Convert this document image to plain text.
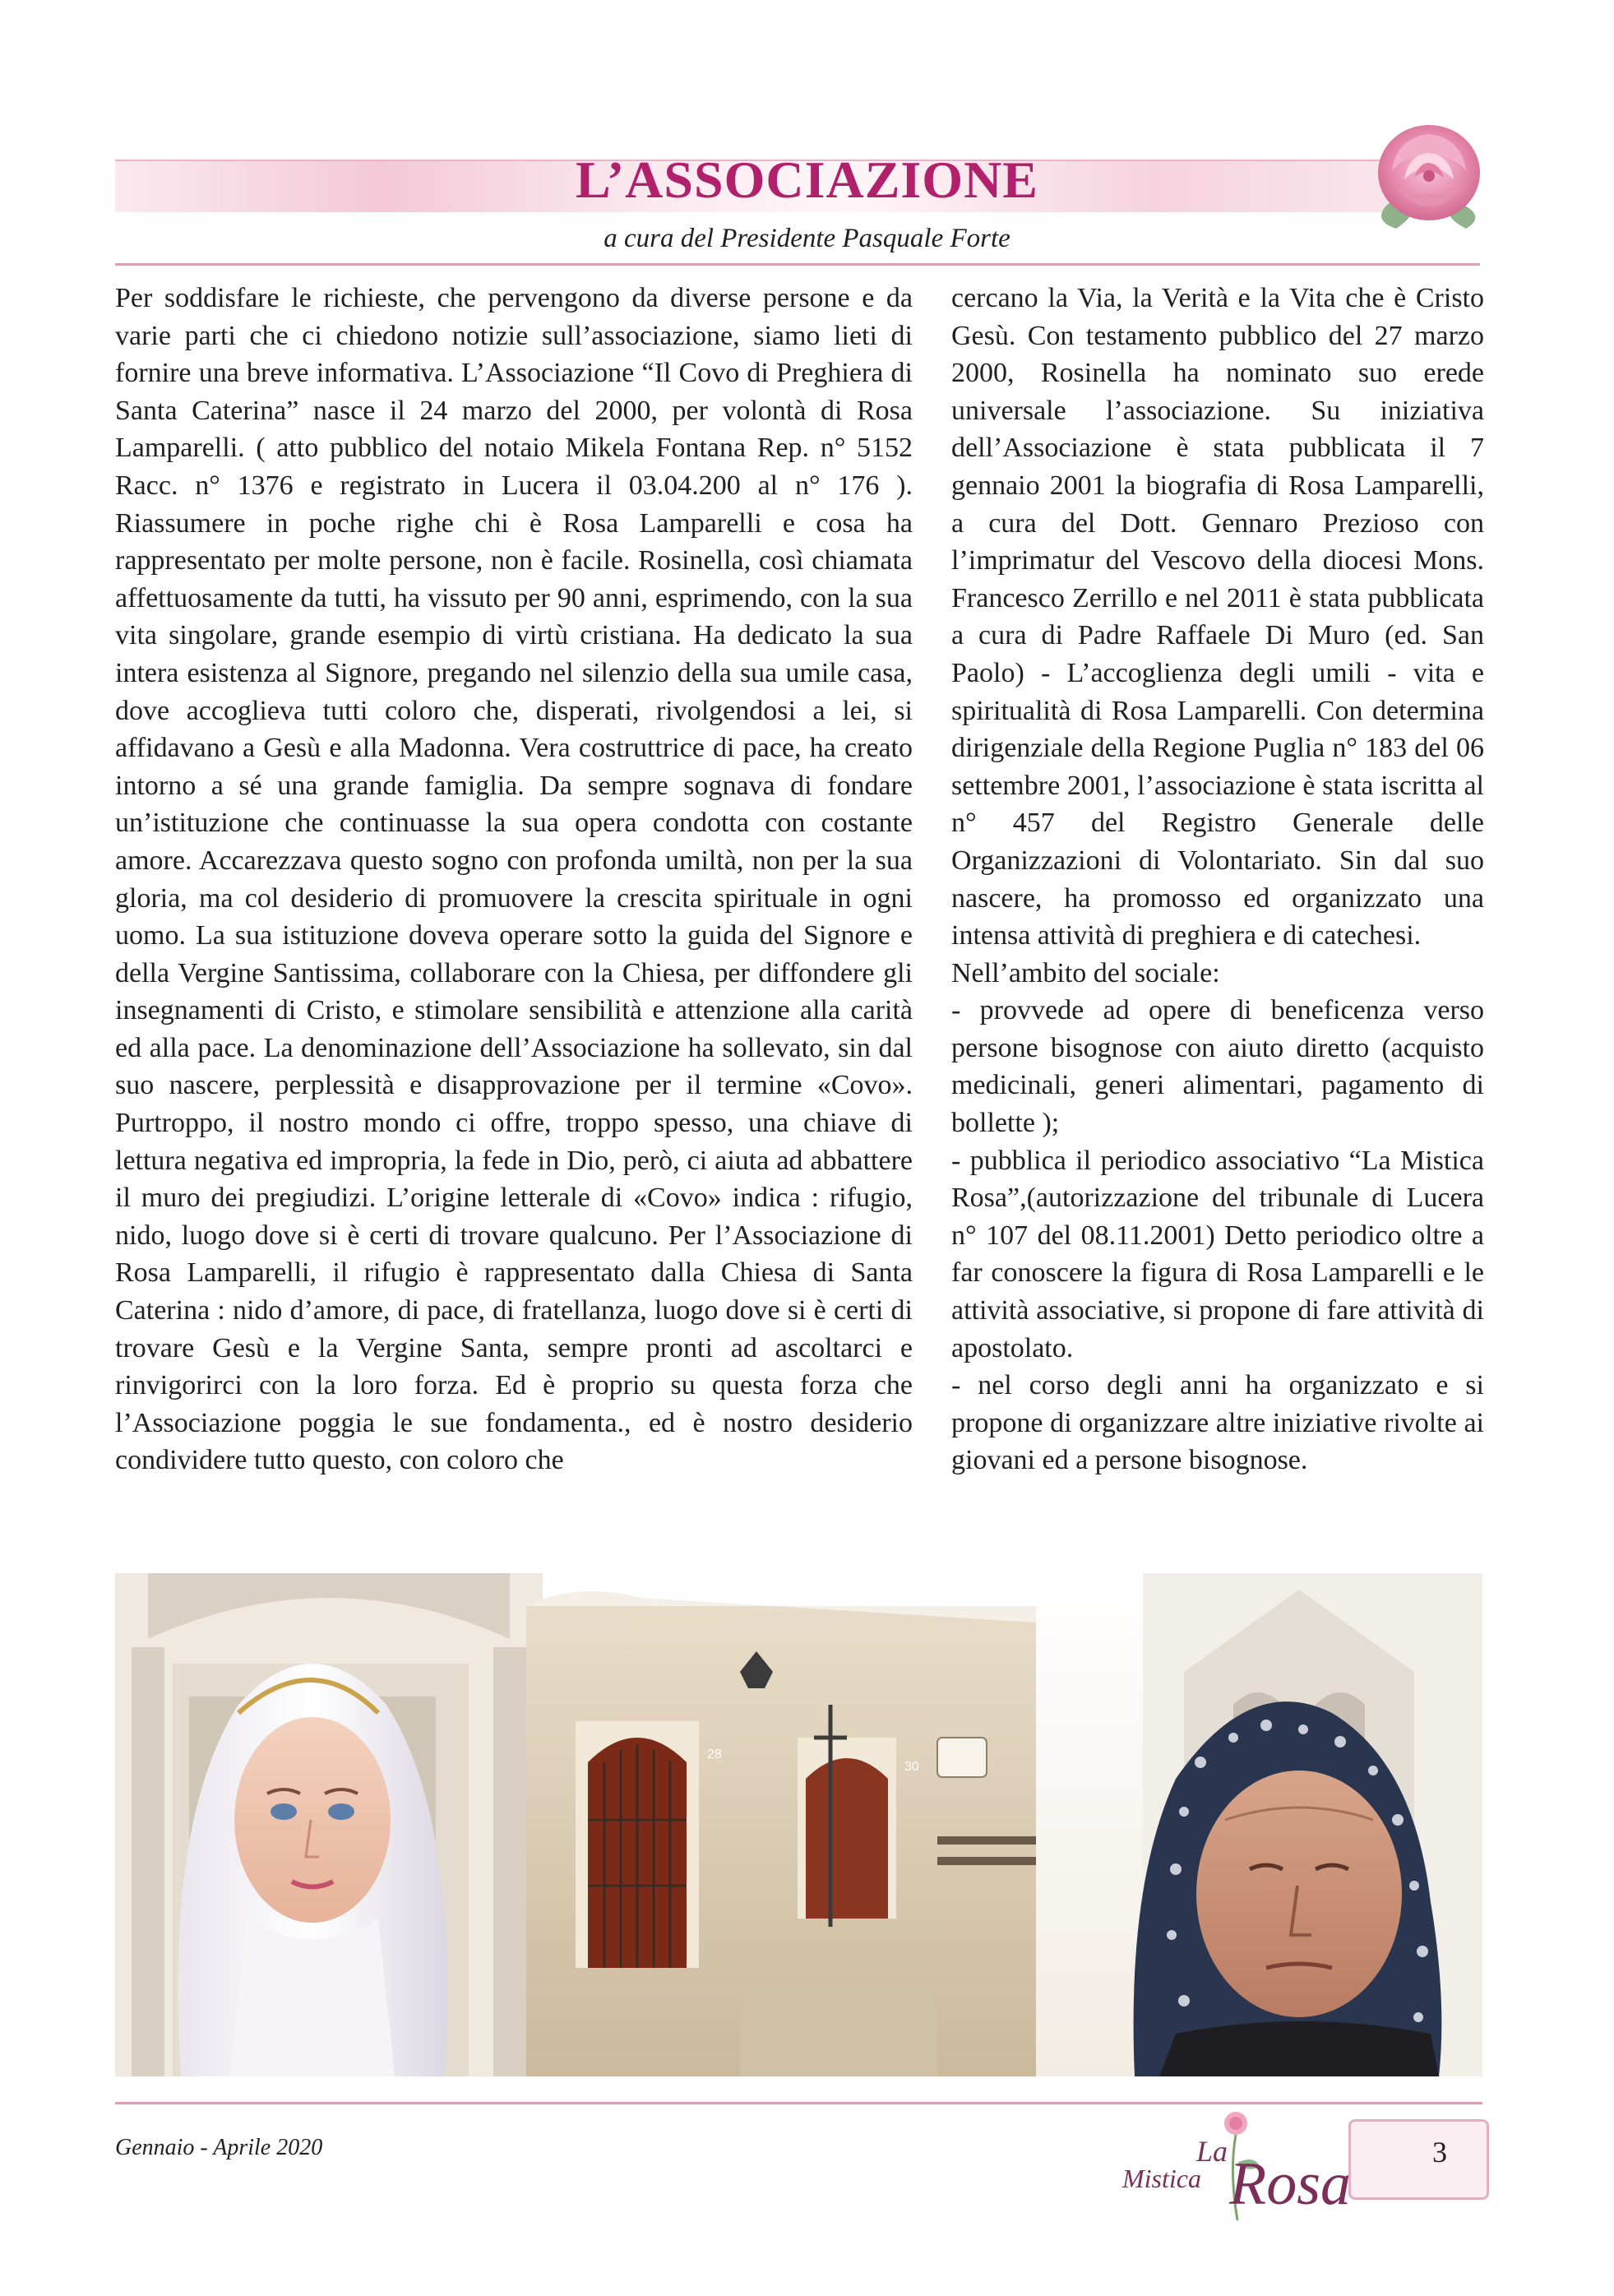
L’ASSOCIAZIONE
a cura del Presidente Pasquale Forte

Per soddisfare le richieste, che pervengono da diverse persone e da varie parti che ci chiedono notizie sull’associazione, siamo lieti di fornire una breve informativa. L’Associazione “Il Covo di Preghiera di Santa Caterina” nasce il 24 marzo del 2000, per volontà di Rosa Lamparelli. ( atto pubblico del notaio Mikela Fontana Rep. n° 5152 Racc. n° 1376 e registrato in Lucera il 03.04.200 al n° 176 ). Riassumere in poche righe chi è Rosa Lamparelli e cosa ha rappresentato per molte persone, non è facile. Rosinella, così chiamata affettuosamente da tutti, ha vissuto per 90 anni, esprimendo, con la sua vita singolare, grande esempio di virtù cristiana. Ha dedicato la sua intera esistenza al Signore, pregando nel silenzio della sua umile casa, dove accoglieva tutti coloro che, disperati, rivolgendosi a lei, si affidavano a Gesù e alla Madonna. Vera costruttrice di pace, ha creato intorno a sé una grande famiglia. Da sempre sognava di fondare un’istituzione che continuasse la sua opera condotta con costante amore. Accarezzava questo sogno con profonda umiltà, non per la sua gloria, ma col desiderio di promuovere la crescita spirituale in ogni uomo. La sua istituzione doveva operare sotto la guida del Signore e della Vergine Santissima, collaborare con la Chiesa, per diffondere gli insegnamenti di Cristo, e stimolare sensibilità e attenzione alla carità ed alla pace. La denominazione dell’Associazione ha sollevato, sin dal suo nascere, perplessità e disapprovazione per il termine «Covo». Purtroppo, il nostro mondo ci offre, troppo spesso, una chiave di lettura negativa ed impropria, la fede in Dio, però, ci aiuta ad abbattere il muro dei pregiudizi. L’origine letterale di «Covo» indica : rifugio, nido, luogo dove si è certi di trovare qualcuno. Per l’Associazione di Rosa Lamparelli, il rifugio è rappresentato dalla Chiesa di Santa Caterina : nido d’amore, di pace, di fratellanza, luogo dove si è certi di trovare Gesù e la Vergine Santa, sempre pronti ad ascoltarci e rinvigorirci con la loro forza. Ed è proprio su questa forza che l’Associazione poggia le sue fondamenta., ed è nostro desiderio condividere tutto questo, con coloro che

cercano la Via, la Verità e la Vita che è Cristo Gesù. Con testamento pubblico del 27 marzo 2000, Rosinella ha nominato suo erede universale l’associazione. Su iniziativa dell’Associazione è stata pubblicata il 7 gennaio 2001 la biografia di Rosa Lamparelli, a cura del Dott. Gennaro Prezioso con l’imprimatur del Vescovo della diocesi Mons. Francesco Zerrillo e nel 2011 è stata pubblicata a cura di Padre Raffaele Di Muro (ed. San Paolo) - L’accoglienza degli umili - vita e spiritualità di Rosa Lamparelli. Con determina dirigenziale della Regione Puglia n° 183 del 06 settembre 2001, l’associazione è stata iscritta al n° 457 del Registro Generale delle Organizzazioni di Volontariato. Sin dal suo nascere, ha promosso ed organizzato una intensa attività di preghiera e di catechesi.

Nell’ambito del sociale:

- provvede ad opere di beneficenza verso persone bisognose con aiuto diretto (acquisto medicinali, generi alimentari, pagamento di bollette );

- pubblica il periodico associativo “La Mistica Rosa”,(autorizzazione del tribunale di Lucera n° 107 del 08.11.2001) Detto periodico oltre a far conoscere la figura di Rosa Lamparelli e le attività associative, si propone di fare attività di apostolato.

- nel corso degli anni ha organizzato e si propone di organizzare altre iniziative rivolte ai giovani ed a persone bisognose.

28
30
Gennaio - Aprile 2020	3
La
Mistica Rosa
